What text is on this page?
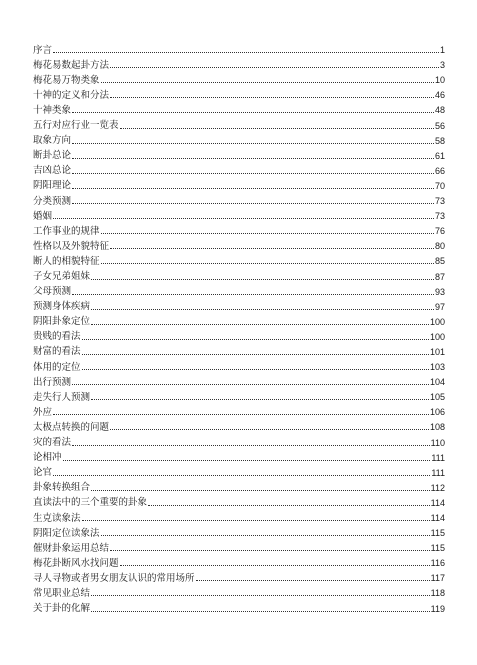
序言	1
梅花易数起卦方法	3
梅花易万物类象	10
十神的定义和分法	46
十神类象	48
五行对应行业一览表	56
取象方向	58
断卦总论	61
吉凶总论	66
阴阳理论	70
分类预测	73
婚姻	73
工作事业的规律	76
性格以及外貌特征	80
断人的相貌特征	85
子女兄弟姐妹	87
父母预测	93
预测身体疾病	97
阴阳卦象定位	100
贵贱的看法	100
财富的看法	101
体用的定位	103
出行预测	104
走失行人预测	105
外应	106
太极点转换的问题	108
灾的看法	110
论相冲	111
论官	111
卦象转换组合	112
直读法中的三个重要的卦象	114
生克读象法	114
阴阳定位读象法	115
催财卦象运用总结	115
梅花卦断风水找问题	116
寻人寻物或者男女朋友认识的常用场所	117
常见职业总结	118
关于卦的化解	119
